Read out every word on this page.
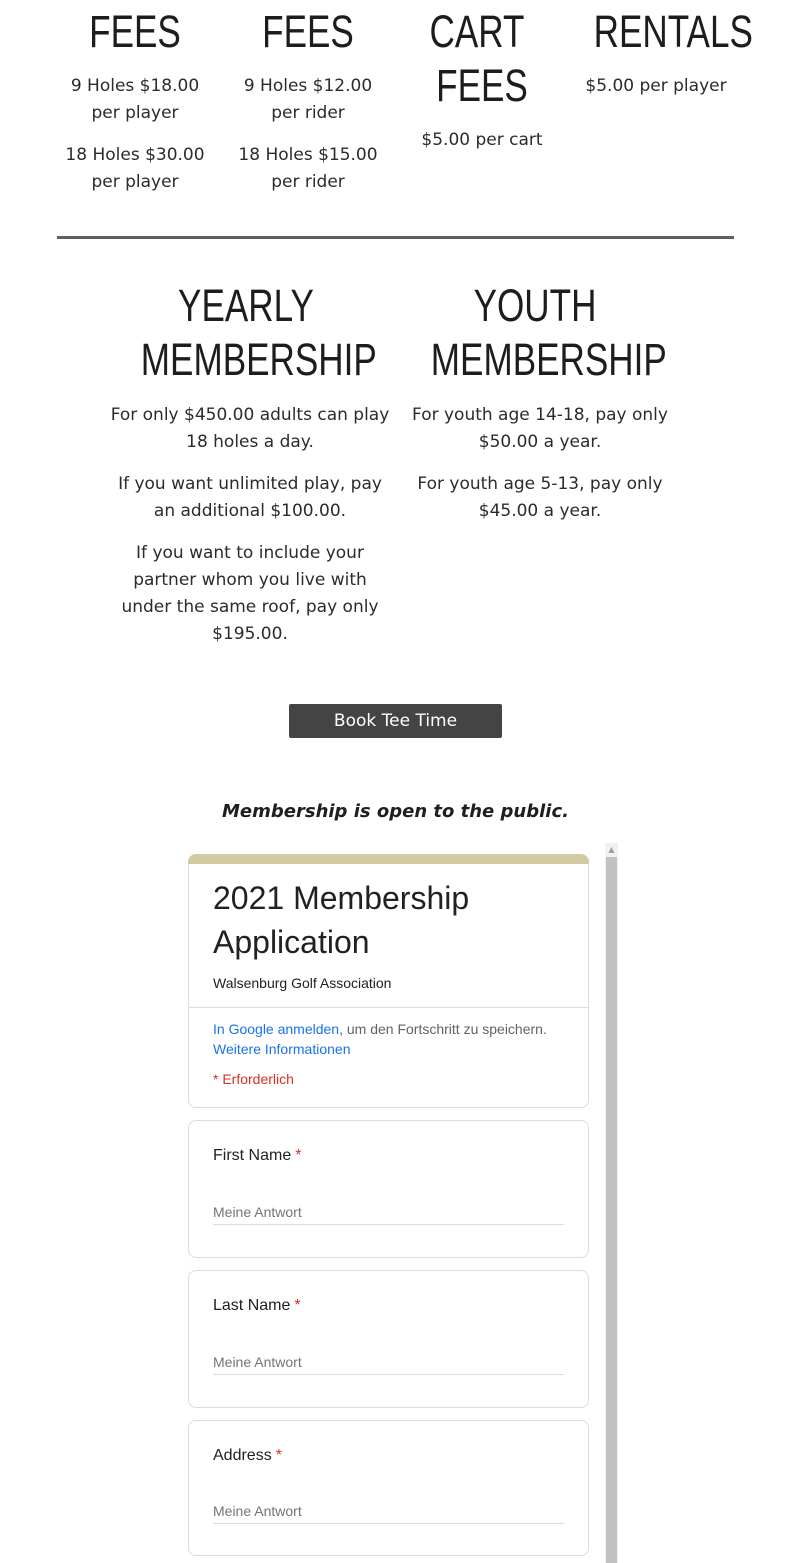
FEES

9 Holes $18.00

per player

18 Holes $30.00

per player

FEES

9 Holes $12.00

per rider

18 Holes $15.00

per rider

CART
FEES

$5.00 per cart

RENTALS

$5.00 per player

YEARLY
MEMBERSHIP

For only $450.00 adults can play

18 holes a day.

If you want unlimited play, pay

an additional $100.00.

If you want to include your

partner whom you live with

under the same roof, pay only

$195.00.

YOUTH
MEMBERSHIP

For youth age 14-18, pay only

$50.00 a year.

For youth age 5-13, pay only

$45.00 a year.

Book Tee Time
Membership is open to the public.
2021 Membership
Application
Walsenburg Golf Association
In Google anmelden, um den Fortschritt zu speichern.
Weitere Informationen
* Erforderlich
First Name *
Meine Antwort
Last Name *
Meine Antwort
Address *
Meine Antwort
▲
